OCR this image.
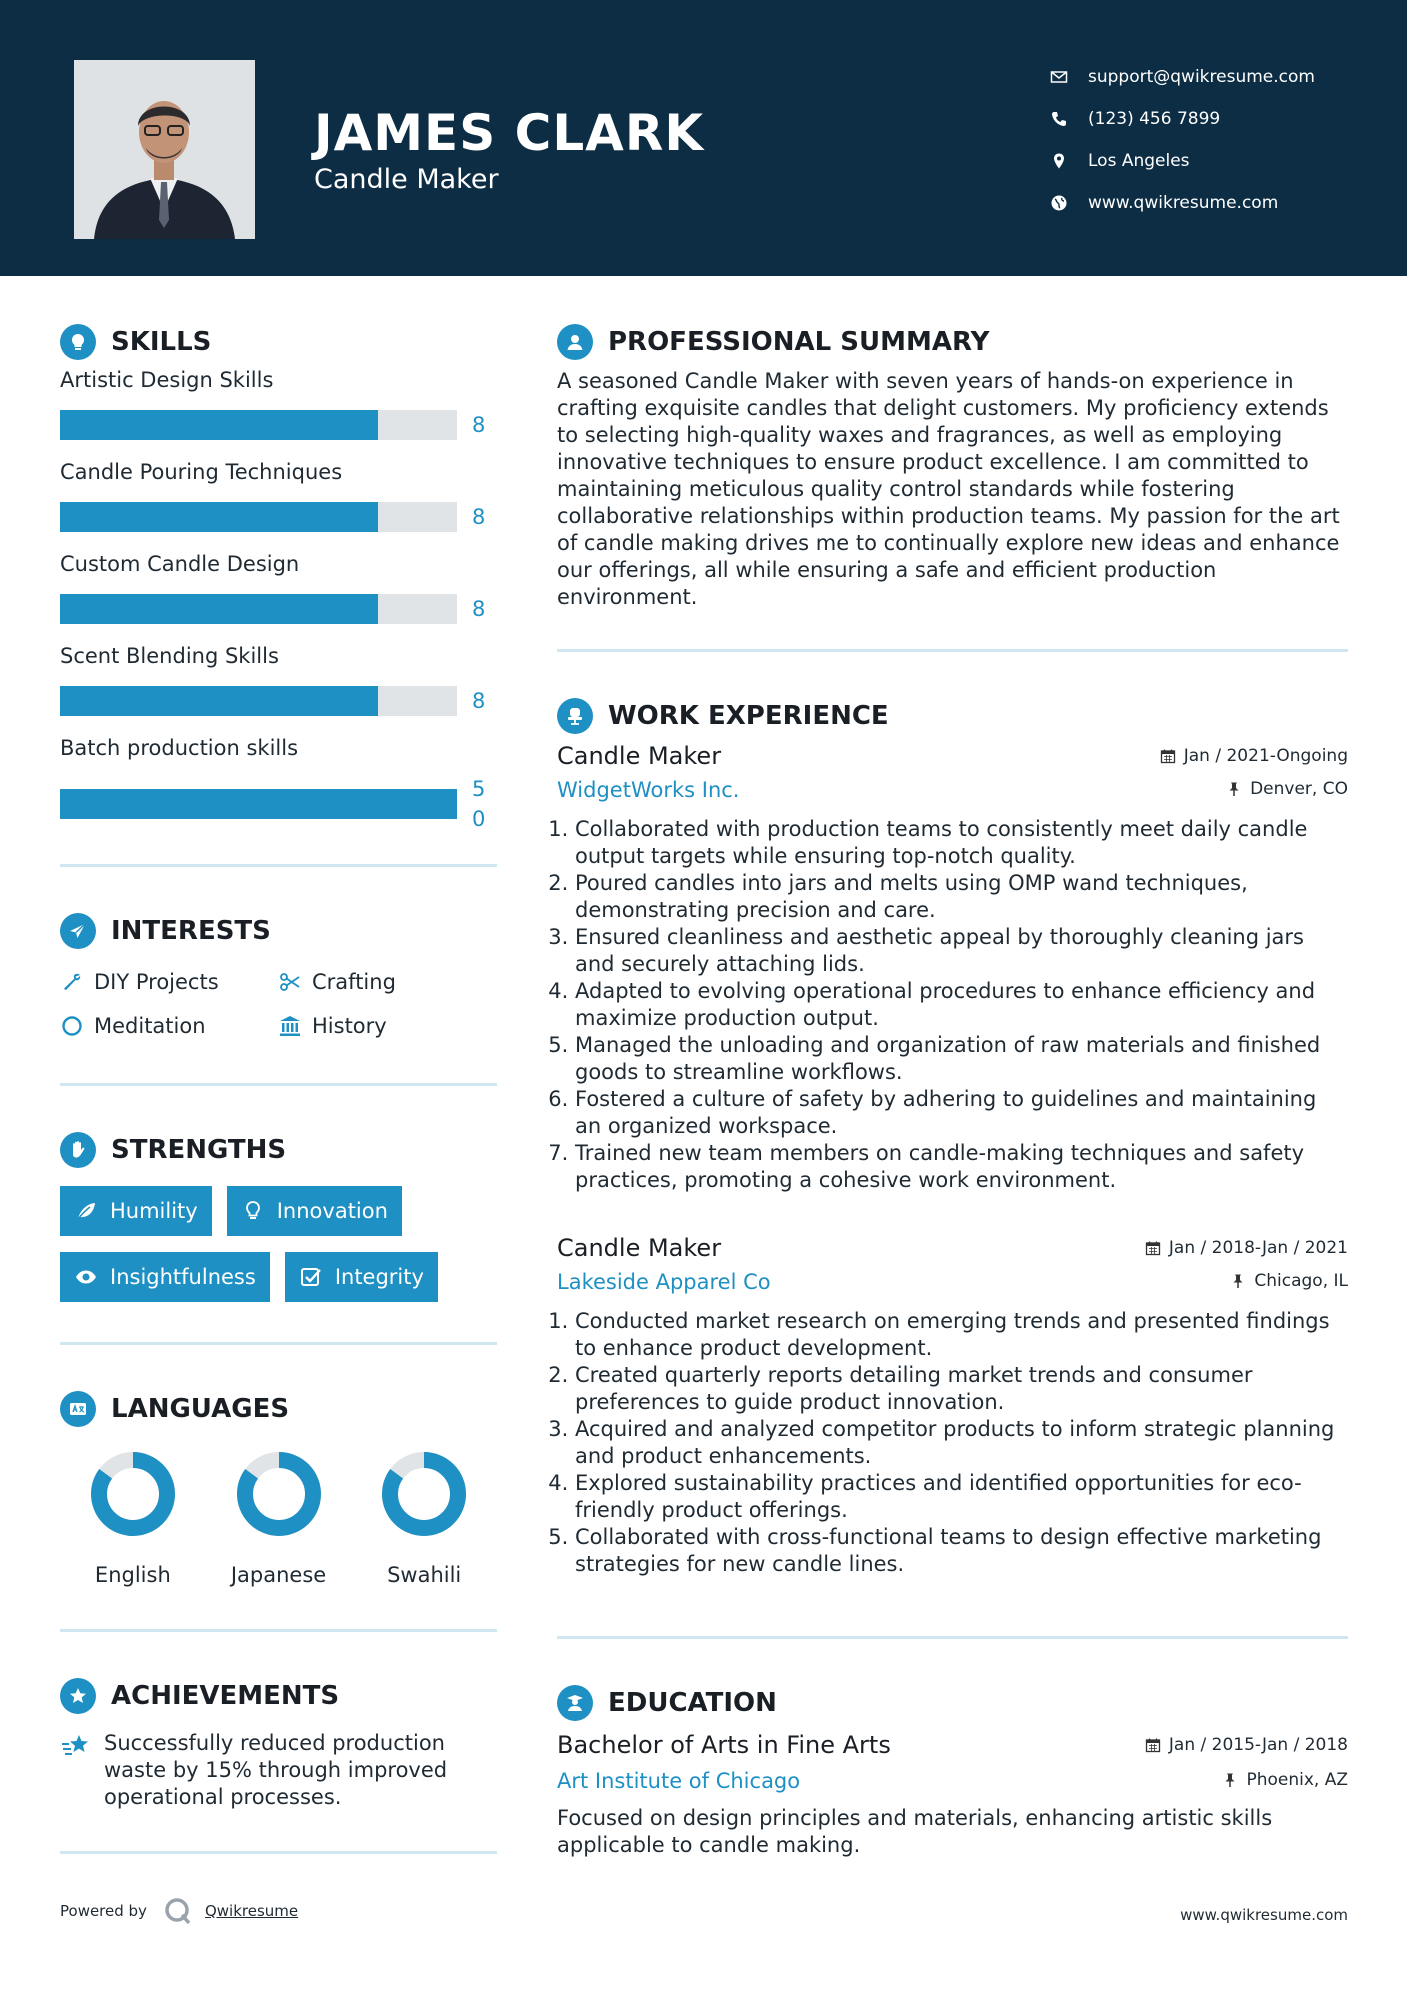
JAMES CLARK
Candle Maker
support@qwikresume.com
(123) 456 7899
Los Angeles
www.qwikresume.com
SKILLS
Artistic Design Skills
8
Candle Pouring Techniques
8
Custom Candle Design
8
Scent Blending Skills
8
Batch production skills
50
INTERESTS
DIY Projects	Crafting
Meditation	History
STRENGTHS
Humility	Innovation
Insightfulness	Integrity
LANGUAGES
English	Japanese	Swahili
ACHIEVEMENTS

Successfully reduced production waste by 15% through improved operational processes.

PROFESSIONAL SUMMARY

A seasoned Candle Maker with seven years of hands-on experience in crafting exquisite candles that delight customers. My proficiency extends to selecting high-quality waxes and fragrances, as well as employing innovative techniques to ensure product excellence. I am committed to maintaining meticulous quality control standards while fostering collaborative relationships within production teams. My passion for the art of candle making drives me to continually explore new ideas and enhance our offerings, all while ensuring a safe and efficient production environment.

WORK EXPERIENCE
Candle Maker	Jan / 2021-Ongoing
WidgetWorks Inc.	Denver, CO
1. Collaborated with production teams to consistently meet daily candle output targets while ensuring top-notch quality.
2. Poured candles into jars and melts using OMP wand techniques, demonstrating precision and care.
3. Ensured cleanliness and aesthetic appeal by thoroughly cleaning jars and securely attaching lids.
4. Adapted to evolving operational procedures to enhance efficiency and maximize production output.
5. Managed the unloading and organization of raw materials and finished goods to streamline workflows.
6. Fostered a culture of safety by adhering to guidelines and maintaining an organized workspace.
7. Trained new team members on candle-making techniques and safety practices, promoting a cohesive work environment.
Candle Maker	Jan / 2018-Jan / 2021
Lakeside Apparel Co	Chicago, IL
1. Conducted market research on emerging trends and presented findings to enhance product development.
2. Created quarterly reports detailing market trends and consumer preferences to guide product innovation.
3. Acquired and analyzed competitor products to inform strategic planning and product enhancements.
4. Explored sustainability practices and identified opportunities for eco-friendly product offerings.
5. Collaborated with cross-functional teams to design effective marketing strategies for new candle lines.
EDUCATION
Bachelor of Arts in Fine Arts	Jan / 2015-Jan / 2018
Art Institute of Chicago	Phoenix, AZ

Focused on design principles and materials, enhancing artistic skills applicable to candle making.

Powered by	Qwikresume	www.qwikresume.com
